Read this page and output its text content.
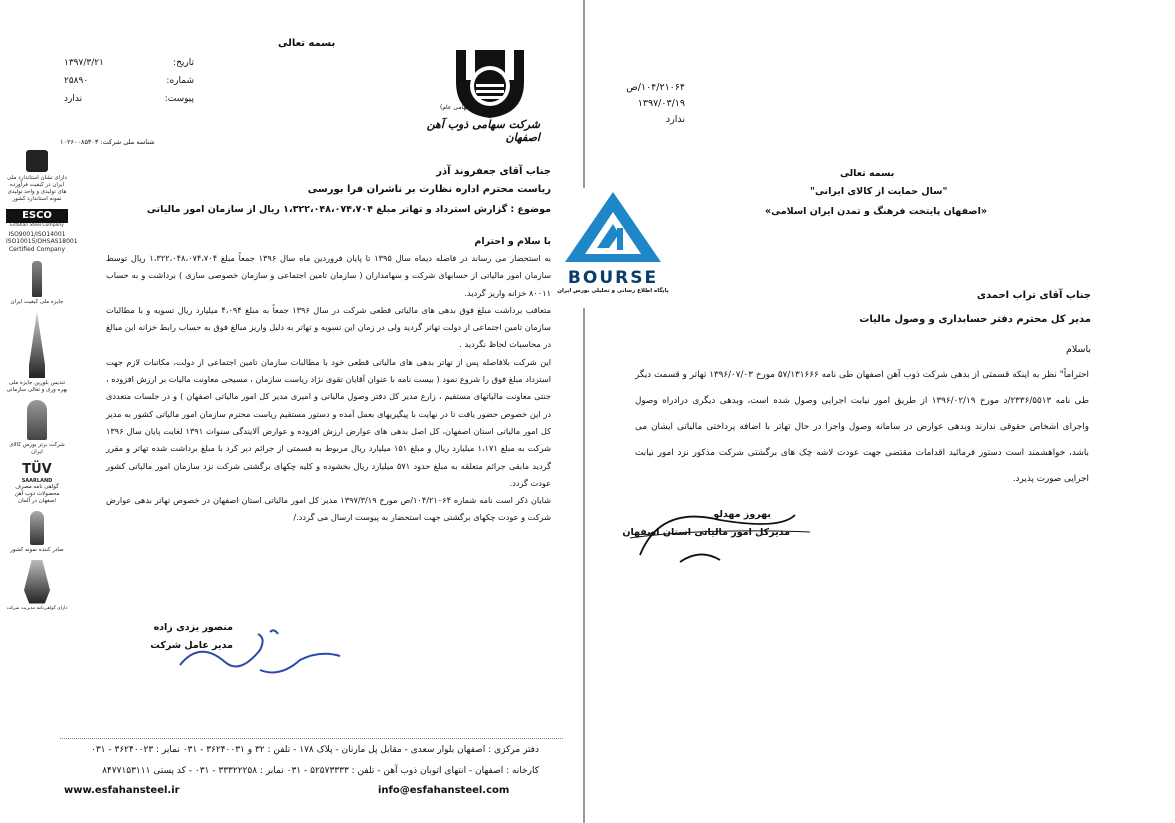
بسمه تعالی
شرکت سهامی ذوب آهن اصفهان
(سهامی عام)
تاریخ:
۱۳۹۷/۳/۲۱
شماره:
۲۵۸۹۰
پیوست:
ندارد
شناسه ملی شرکت: ۱۰۲۶۰۰۸۵۳۰۳
دارای نشان استاندارد ملی ایران در کیفیت فرآورده های تولیدی و واحد تولیدی نمونه استاندارد کشور
ESCO
Esfahan Steel Company
ISO9001/ISO14001
ISO10015/OHSAS18001
Certified Company
جایزه ملی کیفیت ایران
تندیس بلورین جایزه ملی بهره وری و تعالی سازمانی
شرکت برتر بورس کالای ایران
TÜV
SAARLAND
گواهی نامه مصرف محصولات ذوب آهن اصفهان در آلمان
صادر کننده نمونه کشور
دارای گواهی‌نامه مدیریت شرکت
جناب آقای جعفروند آذر
ریاست محترم اداره نظارت بر ناشران فرا بورسی
موضوع : گزارش استرداد و تهاتر مبلغ ۱،۳۲۲،۰۴۸،۰۷۴،۷۰۴ ریال از سازمان امور مالیاتی
با سلام و احترام

به استحضار می رساند در فاصله دیماه سال ۱۳۹۵ تا پایان فروردین ماه سال ۱۳۹۶ جمعاً مبلغ ۱،۳۲۲،۰۴۸،۰۷۴،۷۰۴ ریال توسط سازمان امور مالیاتی از حسابهای شرکت و سهامداران ( سازمان تامین اجتماعی و سازمان خصوصی سازی ) برداشت و به حساب ۸۰۰۱۱ خزانه واریز گردید.

متعاقب برداشت مبلغ فوق بدهی های مالیاتی قطعی شرکت در سال ۱۳۹۶ جمعاً به مبلغ ۴،۰۹۴ میلیارد ریال تسویه و با مطالبات سازمان تامین اجتماعی از دولت تهاتر گردید ولی در زمان این تسویه و تهاتر به دلیل واریز مبالغ فوق به حساب رابط خزانه این مبالغ در محاسبات لحاظ نگردید .

این شرکت بلافاصله پس از تهاتر بدهی های مالیاتی قطعی خود با مطالبات سازمان تامین اجتماعی از دولت، مکاتبات لازم جهت استرداد مبلغ فوق را شروع نمود ( بیست نامه با عنوان آقایان تقوی نژاد ریاست سازمان ، مسیحی معاونت مالیات بر ارزش افزوده ، جنتی معاونت مالیاتهای مستقیم ، زارع مدیر کل دفتر وصول مالیاتی و امیری مدیر کل امور مالیاتی اصفهان ) و در جلسات متعددی در این خصوص حضور یافت تا در نهایت با پیگیریهای بعمل آمده و دستور مستقیم ریاست محترم سازمان امور مالیاتی کشور به مدیر کل امور مالیاتی استان اصفهان، کل اصل بدهی های عوارض ارزش افزوده و عوارض آلایندگی سنوات ۱۳۹۱ لغایت پایان سال ۱۳۹۶ شرکت به مبلغ ۱،۱۷۱ میلیارد ریال و مبلغ ۱۵۱ میلیارد ریال مربوط به قسمتی از جرائم دیر کرد با مبلغ برداشت شده تهاتر و مقرر گردید مابقی جرائم متعلقه به مبلغ حدود ۵۷۱ میلیارد ریال بخشوده و کلیه چکهای برگشتی شرکت نزد سازمان امور مالیاتی کشور عودت گردد.

شایان ذکر است نامه شماره ۱۰۴/۲۱۰۶۴/ص مورخ ۱۳۹۷/۳/۱۹ مدیر کل امور مالیاتی استان اصفهان در خصوص تهاتر بدهی عوارض شرکت و عودت چکهای برگشتی جهت استحضار به پیوست ارسال می گردد./

منصور یزدی زاده
مدیر عامل شرکت
دفتر مرکزی : اصفهان بلوار سعدی - مقابل پل مارنان - پلاک ۱۷۸ - تلفن : ۳۲ و ۳۶۲۴۰۰۳۱ - ۰۳۱ نمابر : ۳۶۲۴۰۰۲۳ - ۰۳۱
کارخانه : اصفهان - انتهای اتوبان ذوب آهن - تلفن : ۵۲۵۷۳۳۳۳ - ۰۳۱ نمابر : ۳۳۳۲۲۲۵۸ - ۰۳۱ - کد پستی ۸۴۷۷۱۵۳۱۱۱
www.esfahansteel.ir	info@esfahansteel.com
۱۰۴/۲۱۰۶۴/ص
۱۳۹۷/۰۳/۱۹
ندارد
بسمه تعالی
"سال حمایت از کالای ایرانی"
«اصفهان پایتخت فرهنگ و تمدن ایران اسلامی»
BOURSE
پایگاه اطلاع رسانی و تحلیلی بورس ایران	جناب آقای تراب احمدی
مدیر کل محترم دفتر حسابداری و وصول مالیات
باسلام

احتراماً" نظر به اینکه قسمتی از بدهی شرکت ذوب آهن اصفهان طی نامه ۵۷/۱۳۱۶۶۶ مورخ ۱۳۹۶/۰۷/۰۳ تهاتر و قسمت دیگر طی نامه ۲۳۳۶/۵۵۱۳/د مورخ ۱۳۹۶/۰۲/۱۹ از طریق امور نیابت اجرایی وصول شده است، وبدهی دیگری درادراه وصول واجرای اشخاص حقوقی ندارند وبدهی عوارض در سامانه وصول واجرا در حال تهاتر با اضافه پرداختی مالیاتی ایشان می باشد، خواهشمند است دستور فرمائید اقدامات مقتضی جهت عودت لاشه چک های برگشتی شرکت مذکور نزد امور نیابت اجرایی صورت پذیرد.

بهروز مهدلو
مدیرکل امور مالیاتی استان اصفهان
